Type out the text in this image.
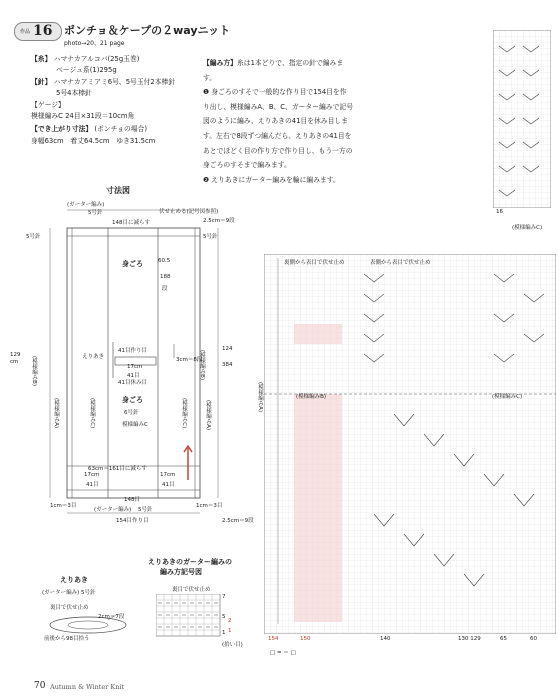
作品 16 ポンチョ＆ケープの２wayニット
photo→20、21 page
【糸】 ハマナカアルコバ(25g玉巻)
ベージュ系(1)295g
【針】 ハマナカアミアミ6号、5号玉付2本棒針
5号4本棒針
【ゲージ】
模様編みC 24目×31段＝10cm角
【でき上がり寸法】 (ポンチョの場合)
身幅63cm　着丈64.5cm　ゆき31.5cm

【編み方】糸は1本どりで、指定の針で編みます。

❶ 身ごろのすそで一般的な作り目で154目を作り出し、模様編みA、B、C、ガーター編みで記号図のように編み、えりあきの41目を休み目します。左右で8段ずつ編んだら、えりあきの41目をあとでほどく目の作り方で作り目し、もう一方の身ごろのすそまで編みます。

❷ えりあきにガーター編みを輪に編みます。

寸法図
(ガーター編み)
5号針	伏せ止める(記号図参照)
148目に減らす	2.5cm＝9段
5号針
5号針
身ごろ	60.5
188
段
えりあき
41目作り目
41目休み目
3cm＝8段
17cm
41目
129
cm
124
384
(模様編みB)	(模様編みB)
(模様編みA)	(模様編みA)
(模様編みC)	(模様編みC)
身ごろ
6号針
模様編みC
63cm＝161目に減らす
17cm	17cm
41目	41目
148目
1cm＝3目	1cm＝3目
(ガーター編み) 5号針
154目作り目	2.5cm＝9段
えりあき
(ガーター編み) 5号針
裏目で伏せ止め
2cm＝7段
前後から98目拾う
えりあきのガーター編みの
編み方記号図
裏目で伏せ止め
7
5
1
2
1
(拾い目)
裏側から表目で伏せ止め	表側から表目で伏せ止め
(模様編みB)
(模様編みA)	(模様編みC)
16
(模様編みC)
154	150	140	130 129	65	60
□ = ＝ □
70 Autumn & Winter Knit
